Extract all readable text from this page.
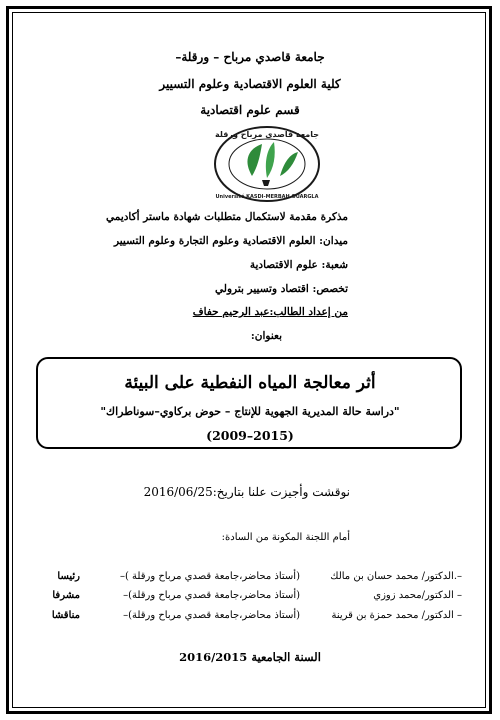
جامعة قاصدي مرباح – ورقلة–
كلية العلوم الاقتصادية وعلوم التسيير
قسم علوم اقتصادية
جامعة قاصدي مرباح ورقلة
Université KASDI-MERBAH OUARGLA
مذكرة مقدمة لاستكمال متطلبات شهادة ماستر أكاديمي
ميدان: العلوم الاقتصادية وعلوم التجارة وعلوم التسيير
شعبة: علوم الاقتصادية
تخصص: اقتصاد وتسيير بترولي
من إعداد الطالب:عبد الرحيم حفاف
بعنوان:
أثر معالجة المياه النفطية على البيئة
"دراسة حالة المديرية الجهوية للإنتاج – حوض بركاوي–سوناطراك"
(2015–2009)
نوقشت وأجيزت علنا بتاريخ:2016/06/25
أمام اللجنة المكونة من السادة:
–.الدكتور/ محمد حسان بن مالك
(أستاذ محاضر،جامعة قصدي مرباح ورقلة )–
رئيسا
– الدكتور/محمد زوزي
(أستاذ محاضر،جامعة قصدي مرباح ورقلة)–
مشرفا
– الدكتور/ محمد حمزة بن قرينة
(أستاذ محاضر،جامعة قصدي مرباح ورقلة)–
مناقشا
السنة الجامعية 2016/2015
